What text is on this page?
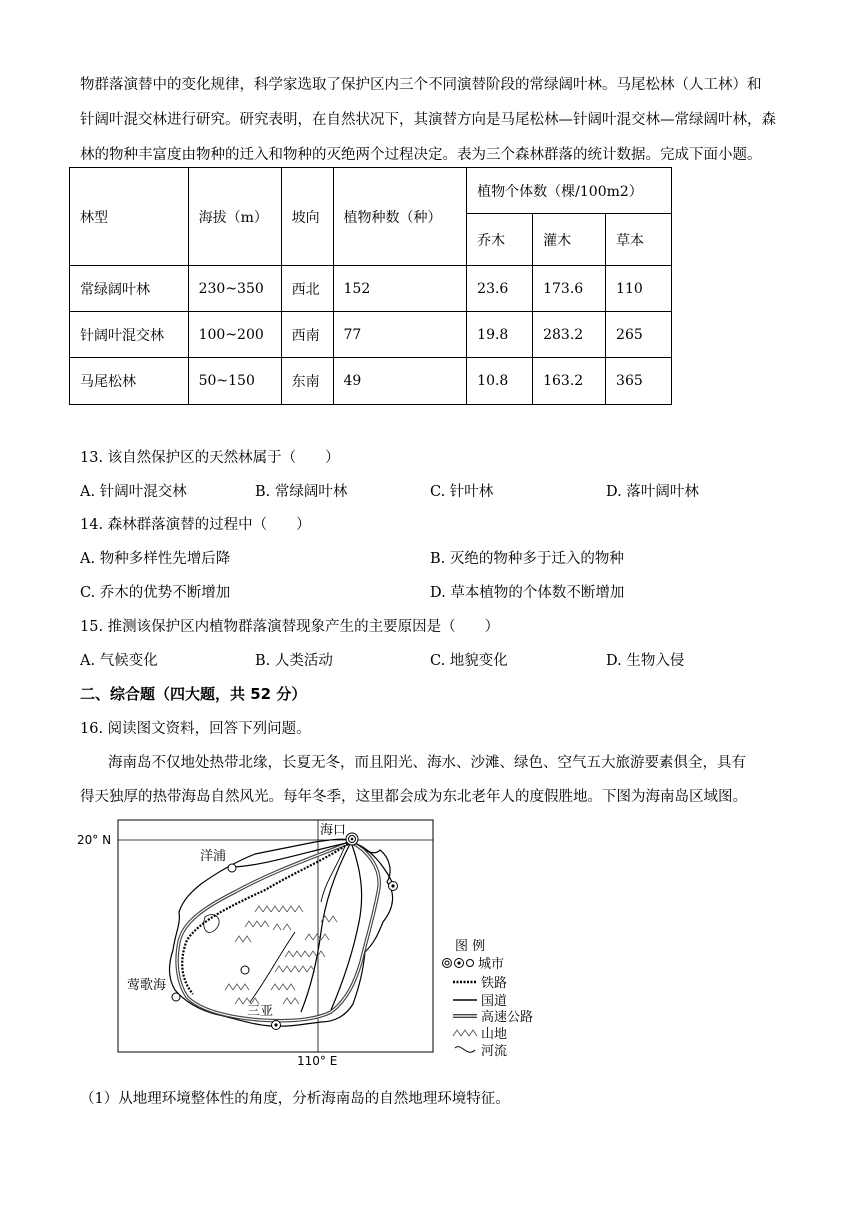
物群落演替中的变化规律，科学家选取了保护区内三个不同演替阶段的常绿阔叶林。马尾松林（人工林）和
针阔叶混交林进行研究。研究表明，在自然状况下，其演替方向是马尾松林—针阔叶混交林—常绿阔叶林，森
林的物种丰富度由物种的迁入和物种的灭绝两个过程决定。表为三个森林群落的统计数据。完成下面小题。
林型	海拔（m）	坡向	植物种数（种）	植物个体数（棵/100m2）		
				乔木	灌木	草本
常绿阔叶林	230~350	西北	152	23.6	173.6	110
针阔叶混交林	100~200	西南	77	19.8	283.2	265
马尾松林	50~150	东南	49	10.8	163.2	365
13. 该自然保护区的天然林属于（　　）
A. 针阔叶混交林	B. 常绿阔叶林	C. 针叶林	D. 落叶阔叶林
14. 森林群落演替的过程中（　　）
A. 物种多样性先增后降	B. 灭绝的物种多于迁入的物种
C. 乔木的优势不断增加	D. 草本植物的个体数不断增加
15. 推测该保护区内植物群落演替现象产生的主要原因是（　　）
A. 气候变化	B. 人类活动	C. 地貌变化	D. 生物入侵
二、综合题（四大题，共 52 分）
16. 阅读图文资料，回答下列问题。
海南岛不仅地处热带北缘，长夏无冬，而且阳光、海水、沙滩、绿色、空气五大旅游要素俱全，具有
得天独厚的热带海岛自然风光。每年冬季，这里都会成为东北老年人的度假胜地。下图为海南岛区域图。
20° N
110° E
海口
洋浦
莺歌海
三亚
图 例
城市
铁路
国道
高速公路
山地
河流
（1）从地理环境整体性的角度，分析海南岛的自然地理环境特征。
